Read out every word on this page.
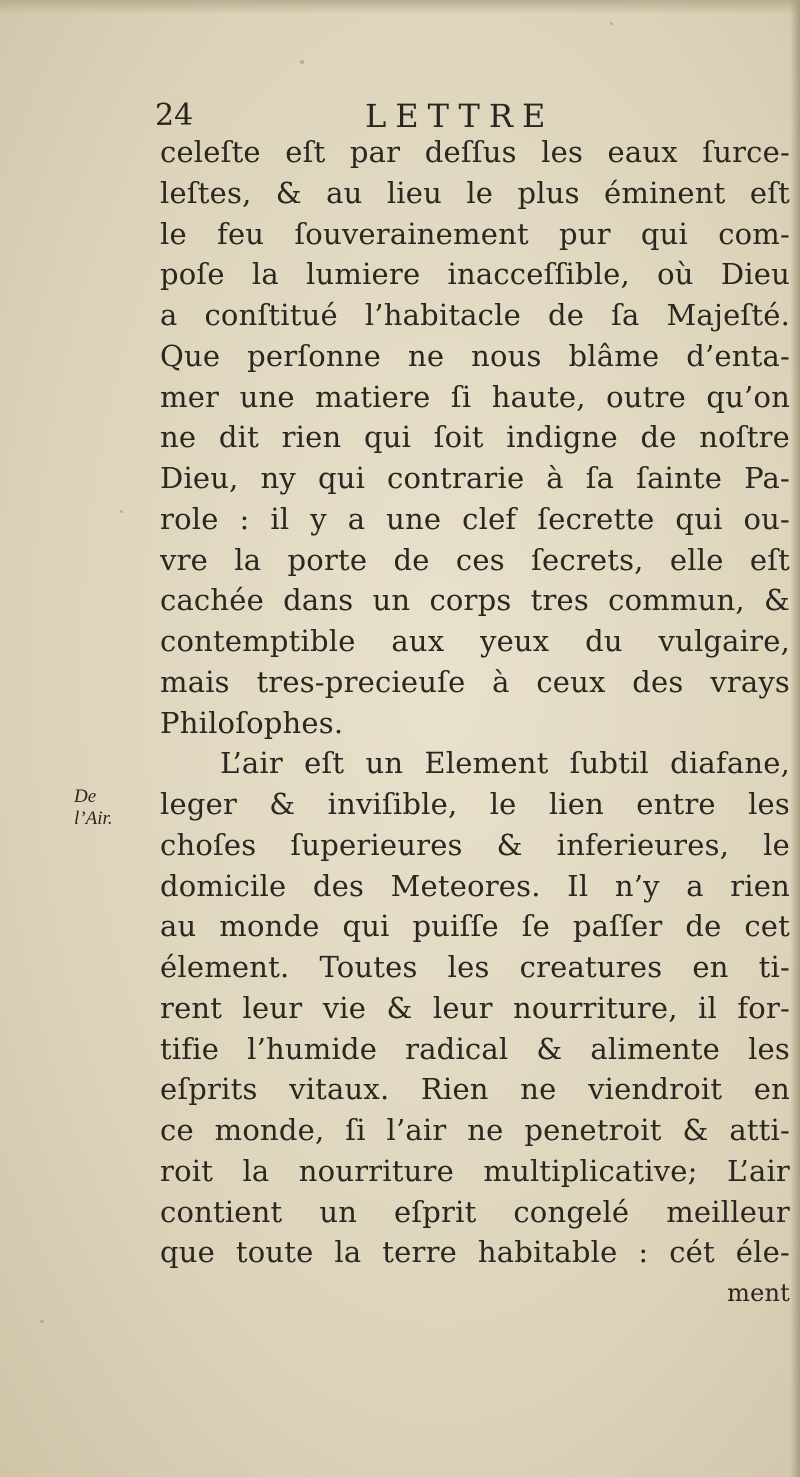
24	LETTRE
De
l’Air.
celeſte eſt par deſſus les eaux ſurce-
leſtes, & au lieu le plus éminent eſt
le feu ſouverainement pur qui com-
poſe la lumiere inacceſſible, où Dieu
a conſtitué l’habitacle de ſa Majeſté.
Que perſonne ne nous blâme d’enta-
mer une matiere ſi haute, outre qu’on
ne dit rien qui ſoit indigne de noſtre
Dieu, ny qui contrarie à ſa ſainte Pa-
role : il y a une clef ſecrette qui ou-
vre la porte de ces ſecrets, elle eſt
cachée dans un corps tres commun, &
contemptible aux yeux du vulgaire,
mais tres-precieuſe à ceux des vrays
Philoſophes.
L’air eſt un Element ſubtil diafane,
leger & inviſible, le lien entre les
choſes ſuperieures & inferieures, le
domicile des Meteores. Il n’y a rien
au monde qui puiſſe ſe paſſer de cet
élement. Toutes les creatures en ti-
rent leur vie & leur nourriture, il for-
tifie l’humide radical & alimente les
eſprits vitaux. Rien ne viendroit en
ce monde, ſi l’air ne penetroit & atti-
roit la nourriture multiplicative; L’air
contient un eſprit congelé meilleur
que toute la terre habitable : cét éle-
ment
